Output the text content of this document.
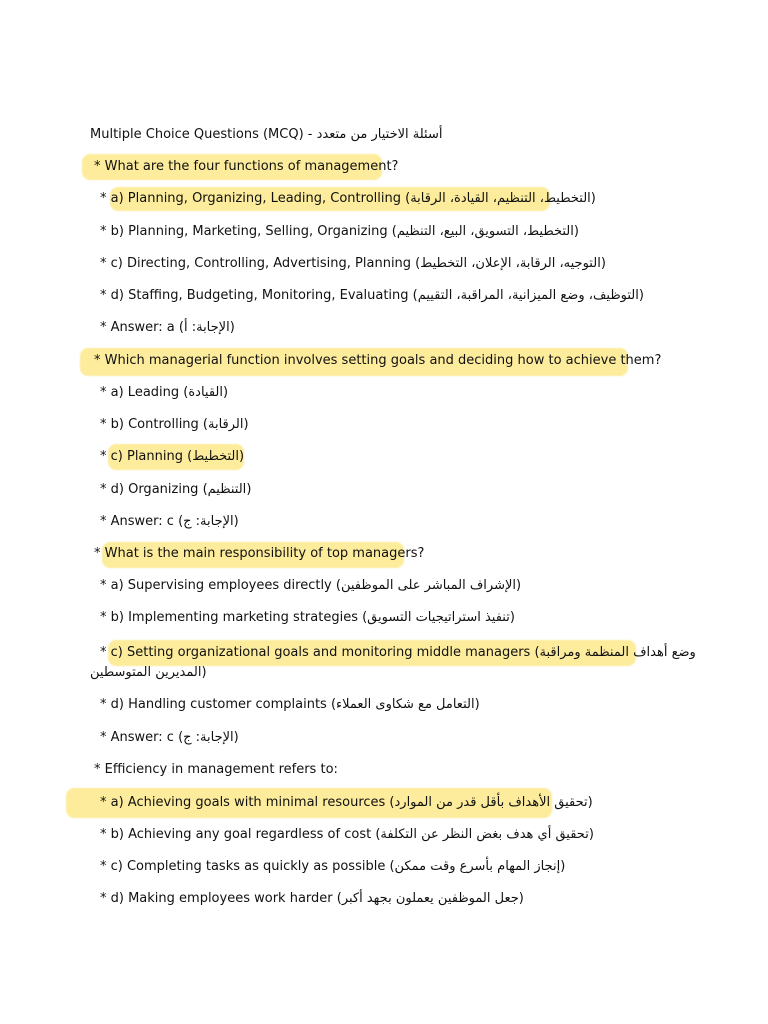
Multiple Choice Questions (MCQ) - أسئلة الاختيار من متعدد
* What are the four functions of management?
* a) Planning, Organizing, Leading, Controlling (التخطيط، التنظيم، القيادة، الرقابة)
* b) Planning, Marketing, Selling, Organizing (التخطيط، التسويق، البيع، التنظيم)
* c) Directing, Controlling, Advertising, Planning (التوجيه، الرقابة، الإعلان، التخطيط)
* d) Staffing, Budgeting, Monitoring, Evaluating (التوظيف، وضع الميزانية، المراقبة، التقييم)
* Answer: a (الإجابة: أ)
* Which managerial function involves setting goals and deciding how to achieve them?
* a) Leading (القيادة)
* b) Controlling (الرقابة)
* c) Planning (التخطيط)
* d) Organizing (التنظيم)
* Answer: c (الإجابة: ج)
* What is the main responsibility of top managers?
* a) Supervising employees directly (الإشراف المباشر على الموظفين)
* b) Implementing marketing strategies (تنفيذ استراتيجيات التسويق)
* c) Setting organizational goals and monitoring middle managers (وضع أهداف المنظمة ومراقبة
المديرين المتوسطين)
* d) Handling customer complaints (التعامل مع شكاوى العملاء)
* Answer: c (الإجابة: ج)
* Efficiency in management refers to:
* a) Achieving goals with minimal resources (تحقيق الأهداف بأقل قدر من الموارد)
* b) Achieving any goal regardless of cost (تحقيق أي هدف بغض النظر عن التكلفة)
* c) Completing tasks as quickly as possible (إنجاز المهام بأسرع وقت ممكن)
* d) Making employees work harder (جعل الموظفين يعملون بجهد أكبر)
